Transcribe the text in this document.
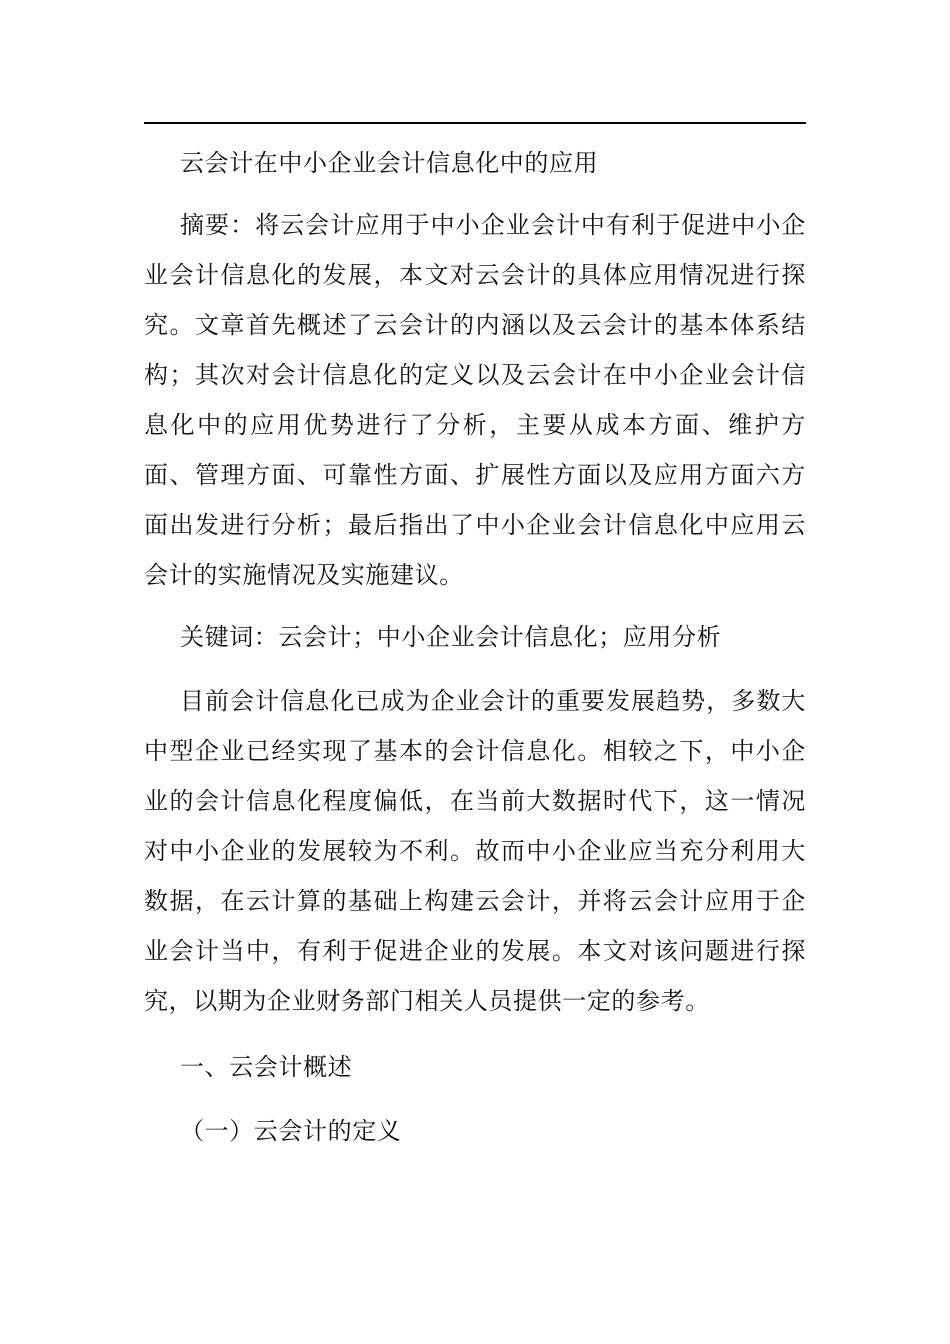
云会计在中小企业会计信息化中的应用

摘要：将云会计应用于中小企业会计中有利于促进中小企业会计信息化的发展，本文对云会计的具体应用情况进行探究。文章首先概述了云会计的内涵以及云会计的基本体系结构；其次对会计信息化的定义以及云会计在中小企业会计信息化中的应用优势进行了分析，主要从成本方面、维护方面、管理方面、可靠性方面、扩展性方面以及应用方面六方面出发进行分析；最后指出了中小企业会计信息化中应用云会计的实施情况及实施建议。

关键词：云会计；中小企业会计信息化；应用分析

目前会计信息化已成为企业会计的重要发展趋势，多数大中型企业已经实现了基本的会计信息化。相较之下，中小企业的会计信息化程度偏低，在当前大数据时代下，这一情况对中小企业的发展较为不利。故而中小企业应当充分利用大数据，在云计算的基础上构建云会计，并将云会计应用于企业会计当中，有利于促进企业的发展。本文对该问题进行探究，以期为企业财务部门相关人员提供一定的参考。

一、云会计概述

（一）云会计的定义
